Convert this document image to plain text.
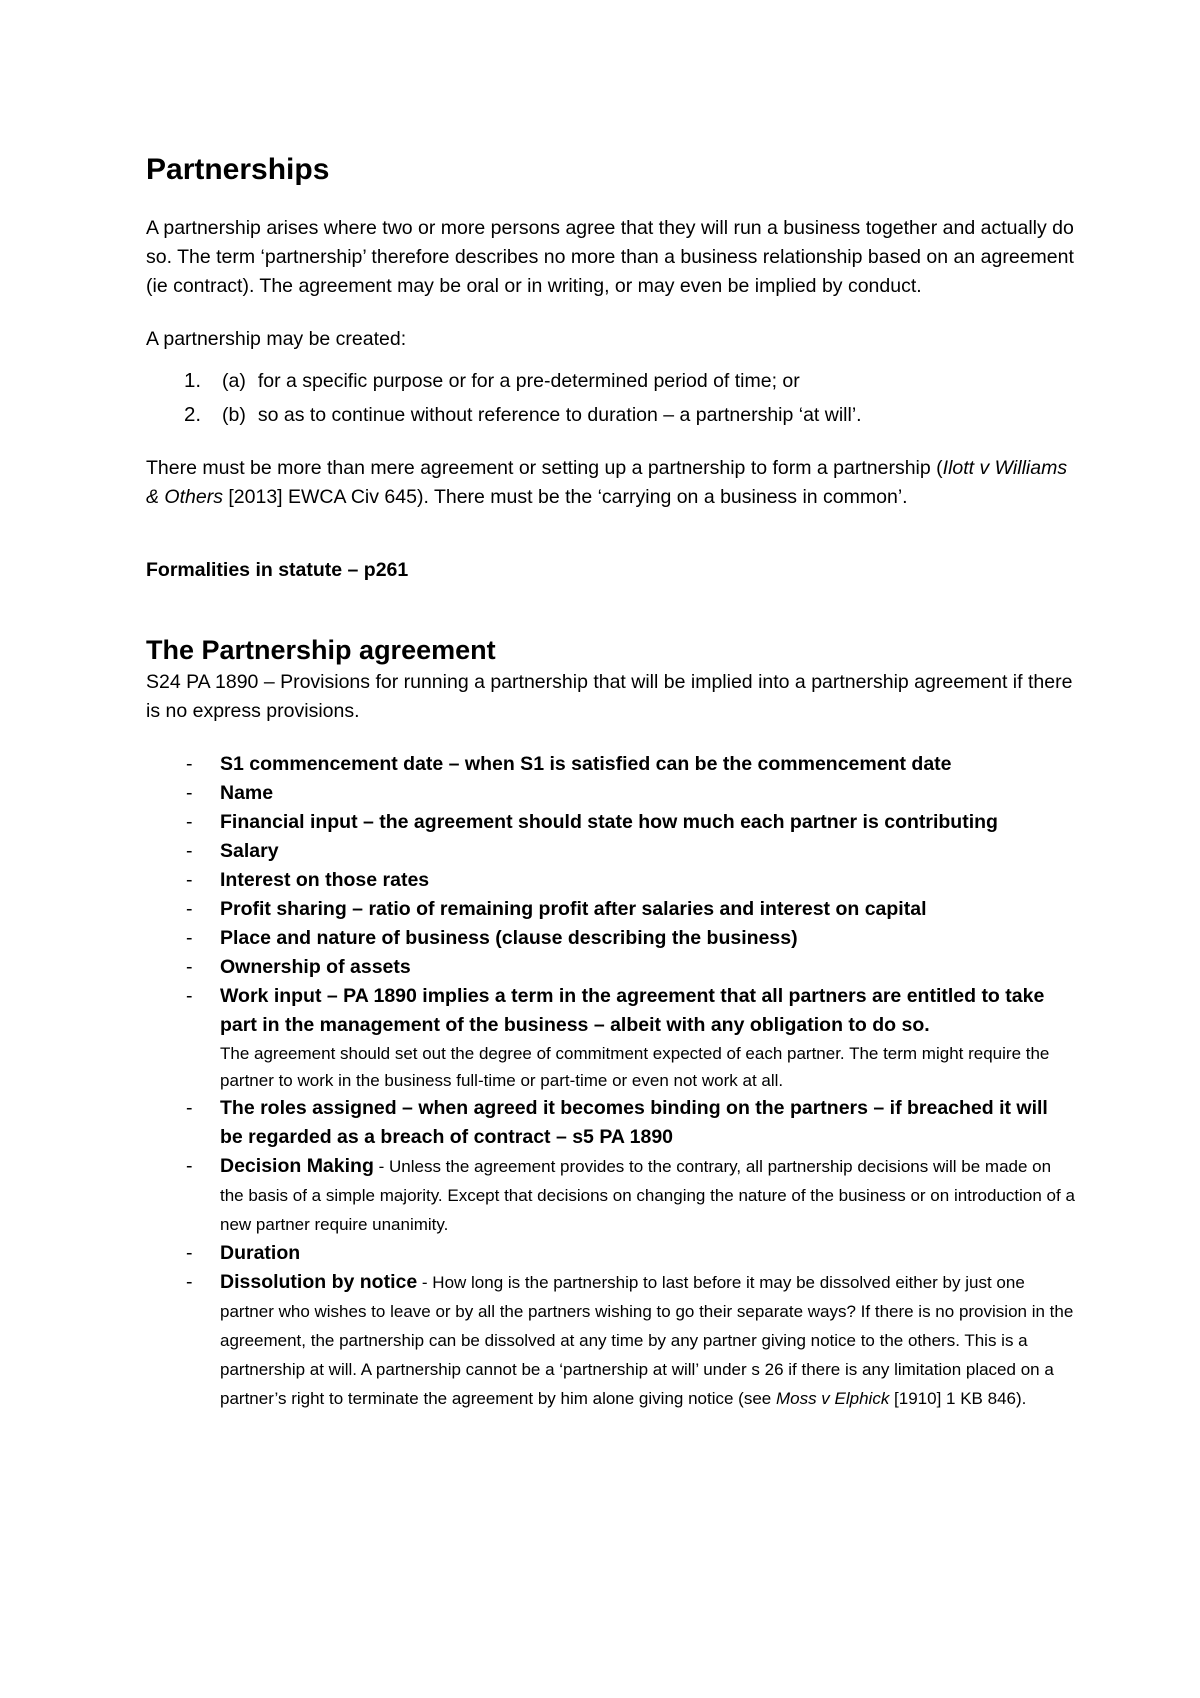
Partnerships

A partnership arises where two or more persons agree that they will run a business together and actually do so. The term ‘partnership’ therefore describes no more than a business relationship based on an agreement (ie contract). The agreement may be oral or in writing, or may even be implied by conduct.

A partnership may be created:

1. (a) for a specific purpose or for a pre-determined period of time; or
2. (b) so as to continue without reference to duration – a partnership ‘at will’.

There must be more than mere agreement or setting up a partnership to form a partnership (Ilott v Williams & Others [2013] EWCA Civ 645). There must be the ‘carrying on a business in common’.

Formalities in statute – p261

The Partnership agreement

S24 PA 1890 – Provisions for running a partnership that will be implied into a partnership agreement if there is no express provisions.

- S1 commencement date – when S1 is satisfied can be the commencement date
- Name
- Financial input – the agreement should state how much each partner is contributing
- Salary
- Interest on those rates
- Profit sharing – ratio of remaining profit after salaries and interest on capital
- Place and nature of business (clause describing the business)
- Ownership of assets
- Work input – PA 1890 implies a term in the agreement that all partners are entitled to take part in the management of the business – albeit with any obligation to do so.
The agreement should set out the degree of commitment expected of each partner. The term might require the partner to work in the business full-time or part-time or even not work at all.
- The roles assigned – when agreed it becomes binding on the partners – if breached it will be regarded as a breach of contract – s5 PA 1890
- Decision Making - Unless the agreement provides to the contrary, all partnership decisions will be made on the basis of a simple majority. Except that decisions on changing the nature of the business or on introduction of a new partner require unanimity.
- Duration
- Dissolution by notice - How long is the partnership to last before it may be dissolved either by just one partner who wishes to leave or by all the partners wishing to go their separate ways? If there is no provision in the agreement, the partnership can be dissolved at any time by any partner giving notice to the others. This is a partnership at will. A partnership cannot be a ‘partnership at will’ under s 26 if there is any limitation placed on a partner’s right to terminate the agreement by him alone giving notice (see Moss v Elphick [1910] 1 KB 846).
